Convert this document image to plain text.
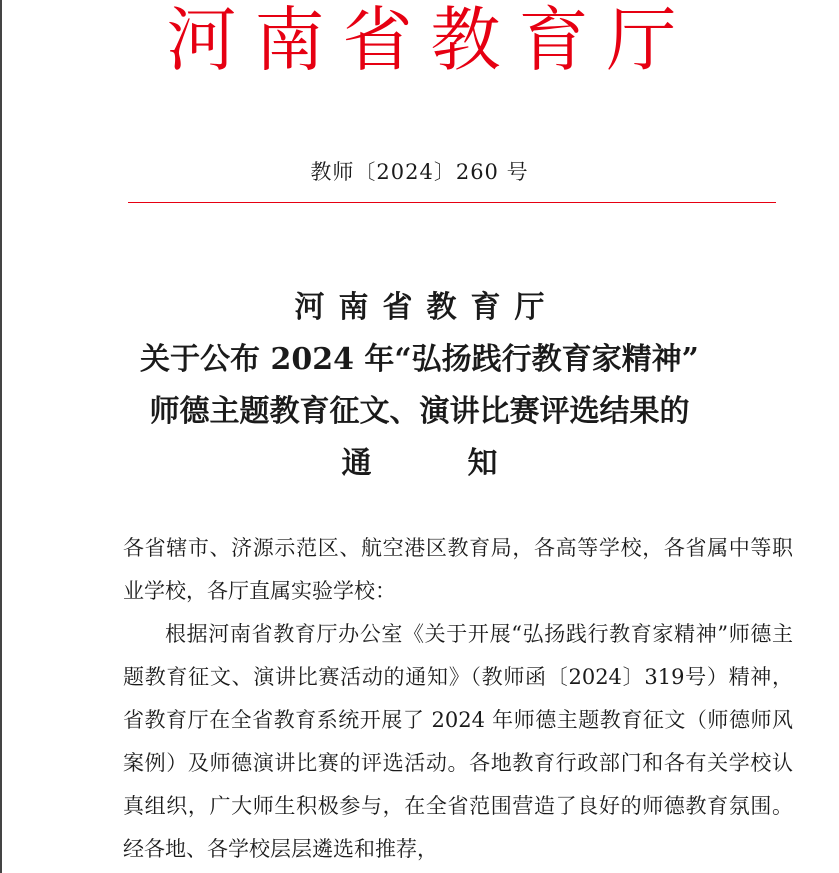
河南省教育厅
教师〔2024〕260 号
河南省教育厅
关于公布 2024 年“弘扬践行教育家精神”
师德主题教育征文、演讲比赛评选结果的
通	知

各省辖市、济源示范区、航空港区教育局，各高等学校，各省属中等职业学校，各厅直属实验学校：

根据河南省教育厅办公室《关于开展“弘扬践行教育家精神”师德主题教育征文、演讲比赛活动的通知》（教师函〔2024〕319号）精神，省教育厅在全省教育系统开展了 2024 年师德主题教育征文（师德师风案例）及师德演讲比赛的评选活动。各地教育行政部门和各有关学校认真组织，广大师生积极参与，在全省范围营造了良好的师德教育氛围。经各地、各学校层层遴选和推荐，
